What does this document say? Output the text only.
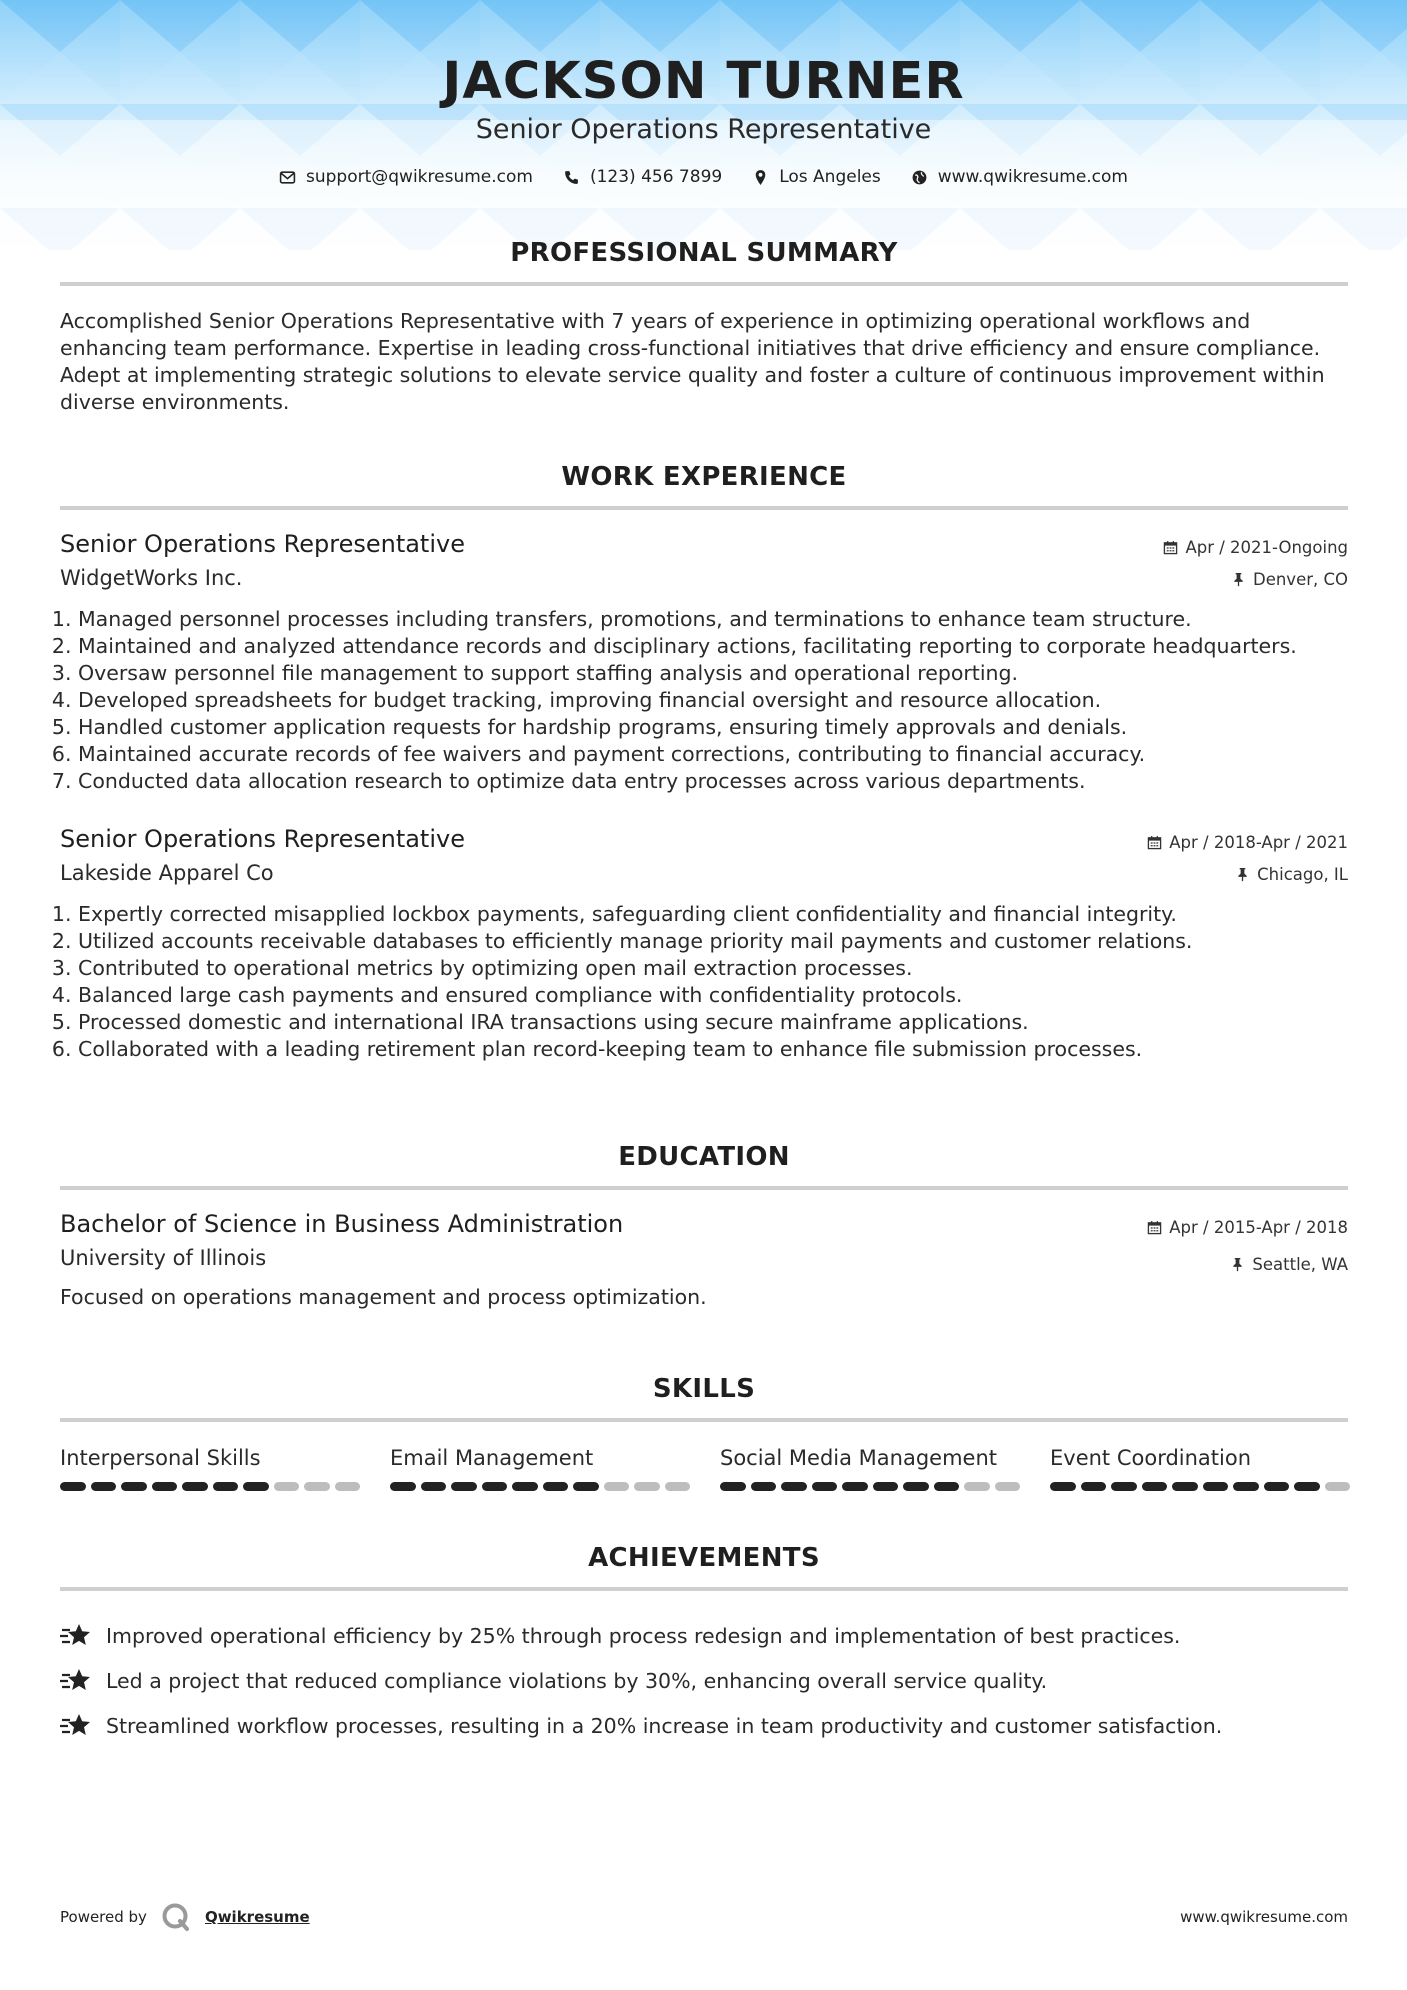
JACKSON TURNER
Senior Operations Representative
support@qwikresume.com	(123) 456 7899	Los Angeles	www.qwikresume.com
PROFESSIONAL SUMMARY
Accomplished Senior Operations Representative with 7 years of experience in optimizing operational workflows and enhancing team performance. Expertise in leading cross-functional initiatives that drive efficiency and ensure compliance. Adept at implementing strategic solutions to elevate service quality and foster a culture of continuous improvement within diverse environments.
WORK EXPERIENCE
Senior Operations Representative
WidgetWorks Inc.
Apr / 2021-Ongoing
Denver, CO
1. Managed personnel processes including transfers, promotions, and terminations to enhance team structure.
2. Maintained and analyzed attendance records and disciplinary actions, facilitating reporting to corporate headquarters.
3. Oversaw personnel file management to support staffing analysis and operational reporting.
4. Developed spreadsheets for budget tracking, improving financial oversight and resource allocation.
5. Handled customer application requests for hardship programs, ensuring timely approvals and denials.
6. Maintained accurate records of fee waivers and payment corrections, contributing to financial accuracy.
7. Conducted data allocation research to optimize data entry processes across various departments.
Senior Operations Representative
Lakeside Apparel Co
Apr / 2018-Apr / 2021
Chicago, IL
1. Expertly corrected misapplied lockbox payments, safeguarding client confidentiality and financial integrity.
2. Utilized accounts receivable databases to efficiently manage priority mail payments and customer relations.
3. Contributed to operational metrics by optimizing open mail extraction processes.
4. Balanced large cash payments and ensured compliance with confidentiality protocols.
5. Processed domestic and international IRA transactions using secure mainframe applications.
6. Collaborated with a leading retirement plan record-keeping team to enhance file submission processes.
EDUCATION
Bachelor of Science in Business Administration
University of Illinois
Apr / 2015-Apr / 2018
Seattle, WA
Focused on operations management and process optimization.
SKILLS
Interpersonal Skills	Email Management	Social Media Management	Event Coordination
ACHIEVEMENTS
Improved operational efficiency by 25% through process redesign and implementation of best practices.
Led a project that reduced compliance violations by 30%, enhancing overall service quality.
Streamlined workflow processes, resulting in a 20% increase in team productivity and customer satisfaction.
Powered by	Qwikresume	www.qwikresume.com
